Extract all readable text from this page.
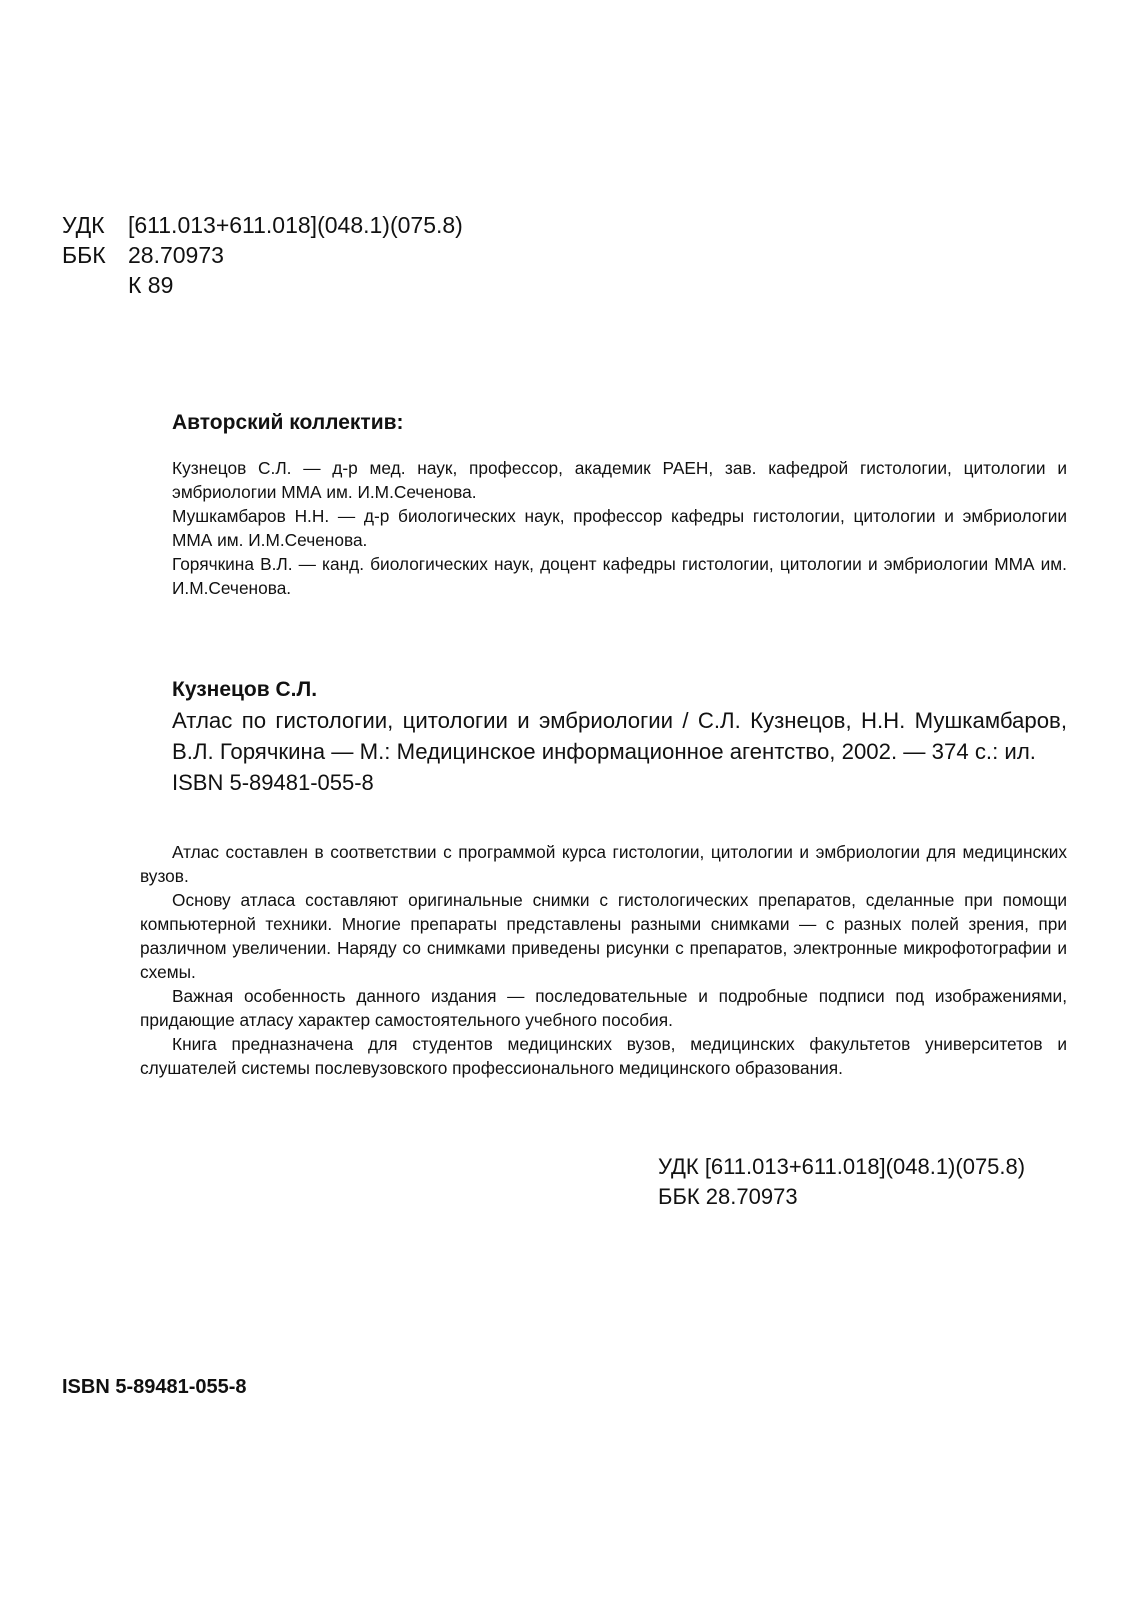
УДК	[611.013+611.018](048.1)(075.8)
ББК 28.70973
К 89
Авторский коллектив:

Кузнецов С.Л. — д-р мед. наук, профессор, академик РАЕН, зав. кафедрой гистологии, цитологии и эмбриологии ММА им. И.М.Сеченова.

Мушкамбаров Н.Н. — д-р биологических наук, профессор кафедры гистологии, цитологии и эмбриологии ММА им. И.М.Сеченова.

Горячкина В.Л. — канд. биологических наук, доцент кафедры гистологии, цитологии и эмбриологии ММА им. И.М.Сеченова.

Кузнецов С.Л.

Атлас по гистологии, цитологии и эмбриологии / С.Л. Кузнецов, Н.Н. Мушкамбаров, В.Л. Горячкина — М.: Медицинское информационное агентство, 2002. — 374 с.: ил.

ISBN 5-89481-055-8

Атлас составлен в соответствии с программой курса гистологии, цитологии и эмбриологии для медицинских вузов.

Основу атласа составляют оригинальные снимки с гистологических препаратов, сделанные при помощи компьютерной техники. Многие препараты представлены разными снимками — с разных полей зрения, при различном увеличении. Наряду со снимками приведены рисунки с препаратов, электронные микрофотографии и схемы.

Важная особенность данного издания — последовательные и подробные подписи под изображениями, придающие атласу характер самостоятельного учебного пособия.

Книга предназначена для студентов медицинских вузов, медицинских факультетов университетов и слушателей системы послевузовского профессионального медицинского образования.

УДК [611.013+611.018](048.1)(075.8)
ББК 28.70973
ISBN 5-89481-055-8
